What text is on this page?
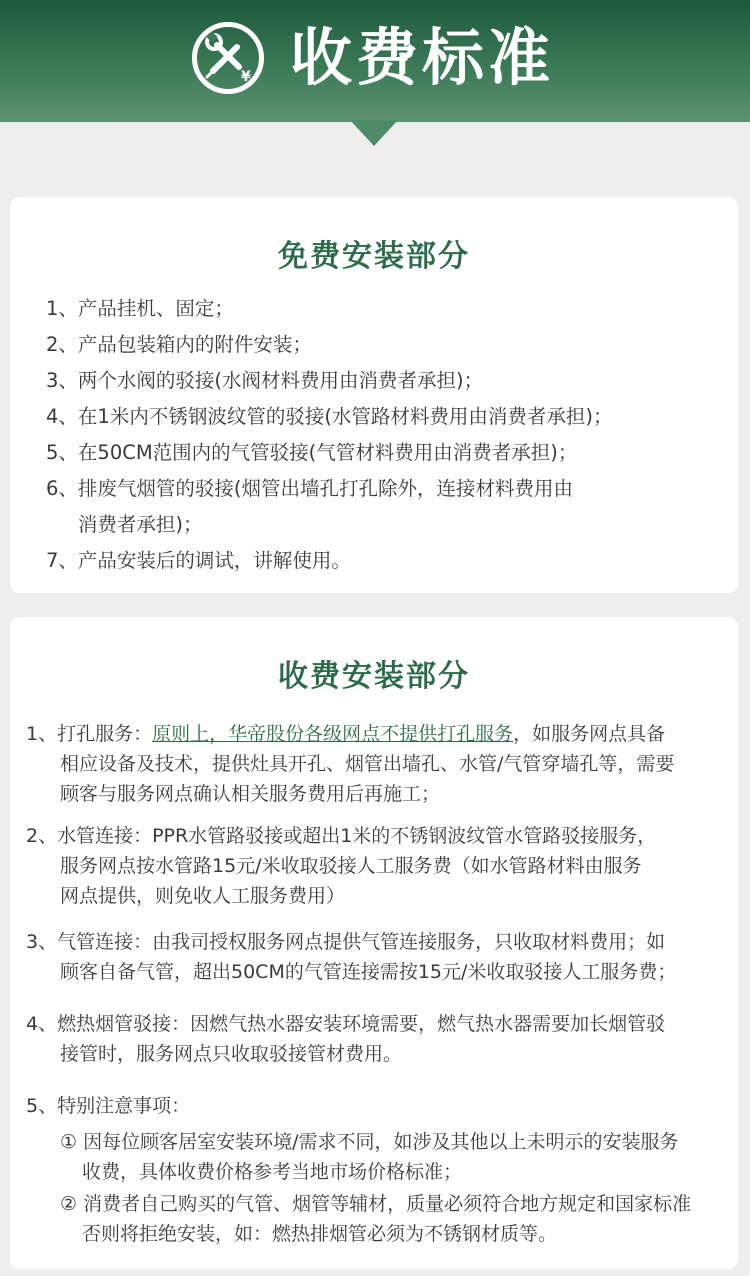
¥ 收费标准
免费安装部分
1、 产品挂机、固定；
2、 产品包装箱内的附件安装；
3、 两个水阀的驳接(水阀材料费用由消费者承担)；
4、 在1米内不锈钢波纹管的驳接(水管路材料费用由消费者承担)；
5、 在50CM范围内的气管驳接(气管材料费用由消费者承担)；
6、 排废气烟管的驳接(烟管出墙孔打孔除外，连接材料费用由
消费者承担)；
7、 产品安装后的调试，讲解使用。
收费安装部分
1、打孔服务：原则上，华帝股份各级网点不提供打孔服务，如服务网点具备
相应设备及技术，提供灶具开孔、烟管出墙孔、水管/气管穿墙孔等，需要
顾客与服务网点确认相关服务费用后再施工；
2、水管连接：PPR水管路驳接或超出1米的不锈钢波纹管水管路驳接服务，
服务网点按水管路15元/米收取驳接人工服务费（如水管路材料由服务
网点提供，则免收人工服务费用）
3、气管连接：由我司授权服务网点提供气管连接服务，只收取材料费用；如
顾客自备气管，超出50CM的气管连接需按15元/米收取驳接人工服务费；
4、燃热烟管驳接：因燃气热水器安装环境需要，燃气热水器需要加长烟管驳
接管时，服务网点只收取驳接管材费用。
5、特别注意事项：
① 因每位顾客居室安装环境/需求不同，如涉及其他以上未明示的安装服务
收费，具体收费价格参考当地市场价格标准；
② 消费者自己购买的气管、烟管等辅材，质量必须符合地方规定和国家标准
否则将拒绝安装，如：燃热排烟管必须为不锈钢材质等。
